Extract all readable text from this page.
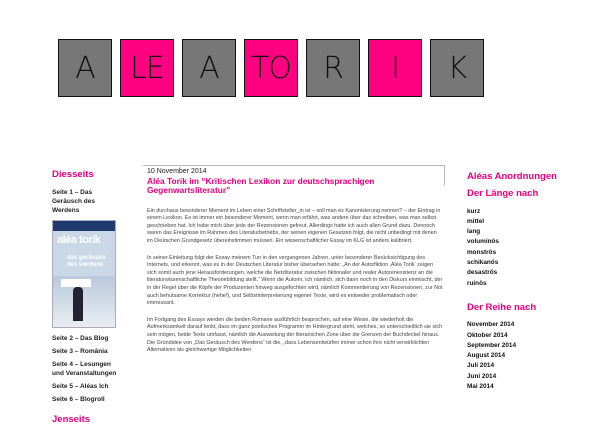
A	LE	A	TO	R	I	K
Diesseits
Seite 1 – Das Geräusch des Werdens
aléa torik
das geräusch des werdens
Seite 2 – Das Blog
Seite 3 – România
Seite 4 – Lesungen und Veranstaltungen
Seite 5 – Aléas Ich
Seite 6 – Blogroll
Jenseits
10 November 2014
Aléa Torik im “Kritischen Lexikon zur deutschsprachigen Gegenwartsliteratur”

Ein durchaus besonderer Moment im Leben einer Schriftsteller_in ist – soll man es Kanonisierung nennen? – der Eintrag in einem Lexikon. Es ist immer ein besonderer Moment, wenn man erfährt, was andere über das schreiben, was man selbst geschrieben hat. Ich habe mich über jede der Rezensionen gefreut. Allerdings hatte ich auch allen Grund dazu. Dennoch waren das Ereignisse im Rahmen des Literaturbetriebs, der seinen eigenen Gesetzen folgt, die nicht unbedingt mit denen im Deutschen Grundgesetz übereinstimmen müssen. Ein wissenschaftlicher Essay im KLG ist anders kalibriert.

In seiner Einleitung folgt der Essay meinem Tun in den vergangenen Jahren, unter besonderer Berücksichtigung des Internets, und erkennt, was es in der Deutschen Literatur bisher übersehen hatte: „An der Autorfiktion ‚Aléa Torik‘ zeigen sich somit auch jene Herausforderungen, welche die Netzliteratur zwischen fiktionaler und realer Autorenexistenz an die literaturwissenschaftliche Theoriebildung stellt.“ Wenn die Autorin, ich nämlich, sich dann noch in den Diskurs einmischt, der in der Regel über die Köpfe der Produzenten hinweg ausgefochten wird, nämlich Kommentierung von Rezensionen, zur Not auch behutsame Korrektur (hehe!), und Selbstinterpretierung eigener Texte, wird es entweder problematisch oder interessant.

Im Fortgang des Essays werden die beiden Romane ausführlich besprochen, auf eine Weise, die wiederholt die Aufmerksamkeit darauf lenkt, dass im ganz poetisches Programm im Hintergrund steht, welches, so unterschiedlich sie sich sein mögen, beide Texte umfasst, nämlich die Ausweitung der literarischen Zone über die Grenzen der Buchdeckel hinaus. Die Gründidee von „Das Geräusch des Werdens“ ist die, „dass Lebensentwürfen immer schon ihre nicht verwirklichten Alternativen als gleichwertige Möglichkeiten

Aléas Anordnungen
Der Länge nach
kurz
mittel
lang
voluminös
monströs
schikanös
desaströs
ruinös
Der Reihe nach
November 2014
Oktober 2014
September 2014
August 2014
Juli 2014
Juni 2014
Mai 2014
